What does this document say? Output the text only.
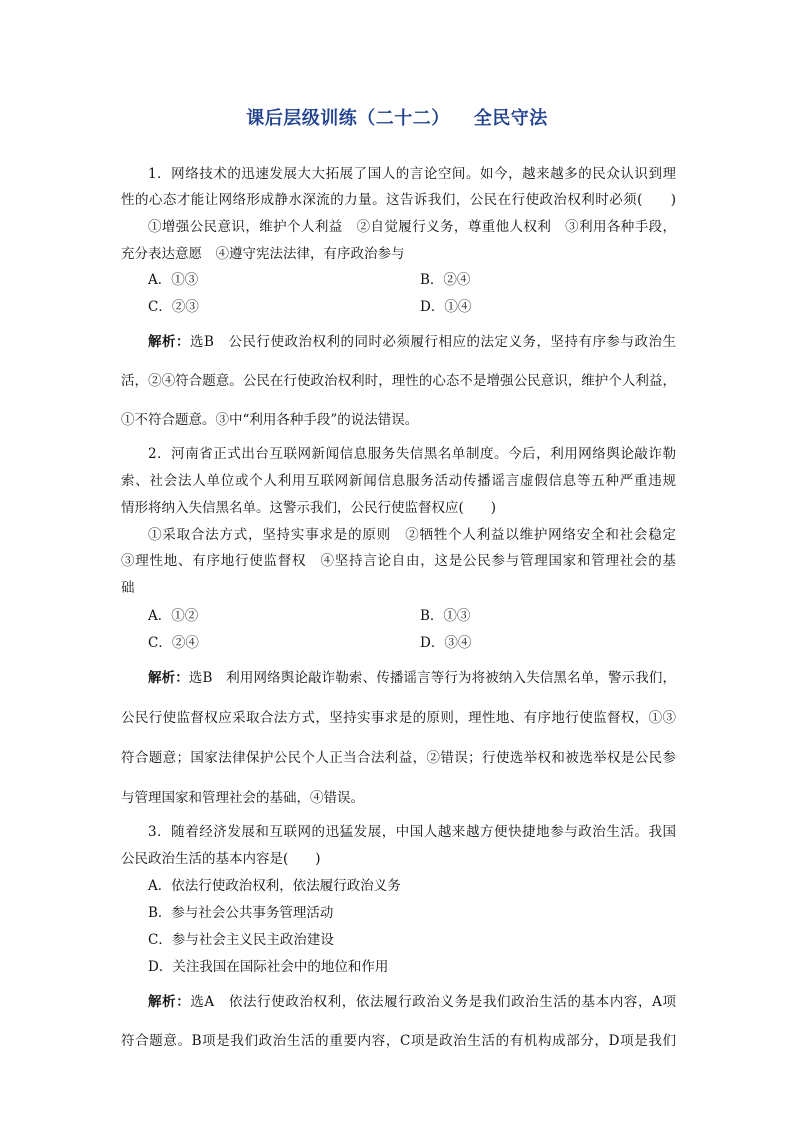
课后层级训练（二十二） 全民守法
1．网络技术的迅速发展大大拓展了国人的言论空间。如今，越来越多的民众认识到理
性的心态才能让网络形成静水深流的力量。这告诉我们，公民在行使政治权利时必须(　　)
①增强公民意识，维护个人利益　②自觉履行义务，尊重他人权利　③利用各种手段，
充分表达意愿　④遵守宪法法律，有序政治参与
A．①③	B．②④
C．②③	D．①④
解析：选B　公民行使政治权利的同时必须履行相应的法定义务，坚持有序参与政治生
活，②④符合题意。公民在行使政治权利时，理性的心态不是增强公民意识，维护个人利益，
①不符合题意。③中“利用各种手段”的说法错误。
2．河南省正式出台互联网新闻信息服务失信黑名单制度。今后，利用网络舆论敲诈勒
索、社会法人单位或个人利用互联网新闻信息服务活动传播谣言虚假信息等五种严重违规
情形将纳入失信黑名单。这警示我们，公民行使监督权应(　　)
①采取合法方式，坚持实事求是的原则　②牺牲个人利益以维护网络安全和社会稳定
③理性地、有序地行使监督权　④坚持言论自由，这是公民参与管理国家和管理社会的基
础
A．①②	B．①③
C．②④	D．③④
解析：选B　利用网络舆论敲诈勒索、传播谣言等行为将被纳入失信黑名单，警示我们，
公民行使监督权应采取合法方式，坚持实事求是的原则，理性地、有序地行使监督权，①③
符合题意；国家法律保护公民个人正当合法利益，②错误；行使选举权和被选举权是公民参
与管理国家和管理社会的基础，④错误。
3．随着经济发展和互联网的迅猛发展，中国人越来越方便快捷地参与政治生活。我国
公民政治生活的基本内容是(　　)
A．依法行使政治权利，依法履行政治义务
B．参与社会公共事务管理活动
C．参与社会主义民主政治建设
D．关注我国在国际社会中的地位和作用
解析：选A　依法行使政治权利，依法履行政治义务是我们政治生活的基本内容，A项
符合题意。B项是我们政治生活的重要内容，C项是政治生活的有机构成部分，D项是我们
